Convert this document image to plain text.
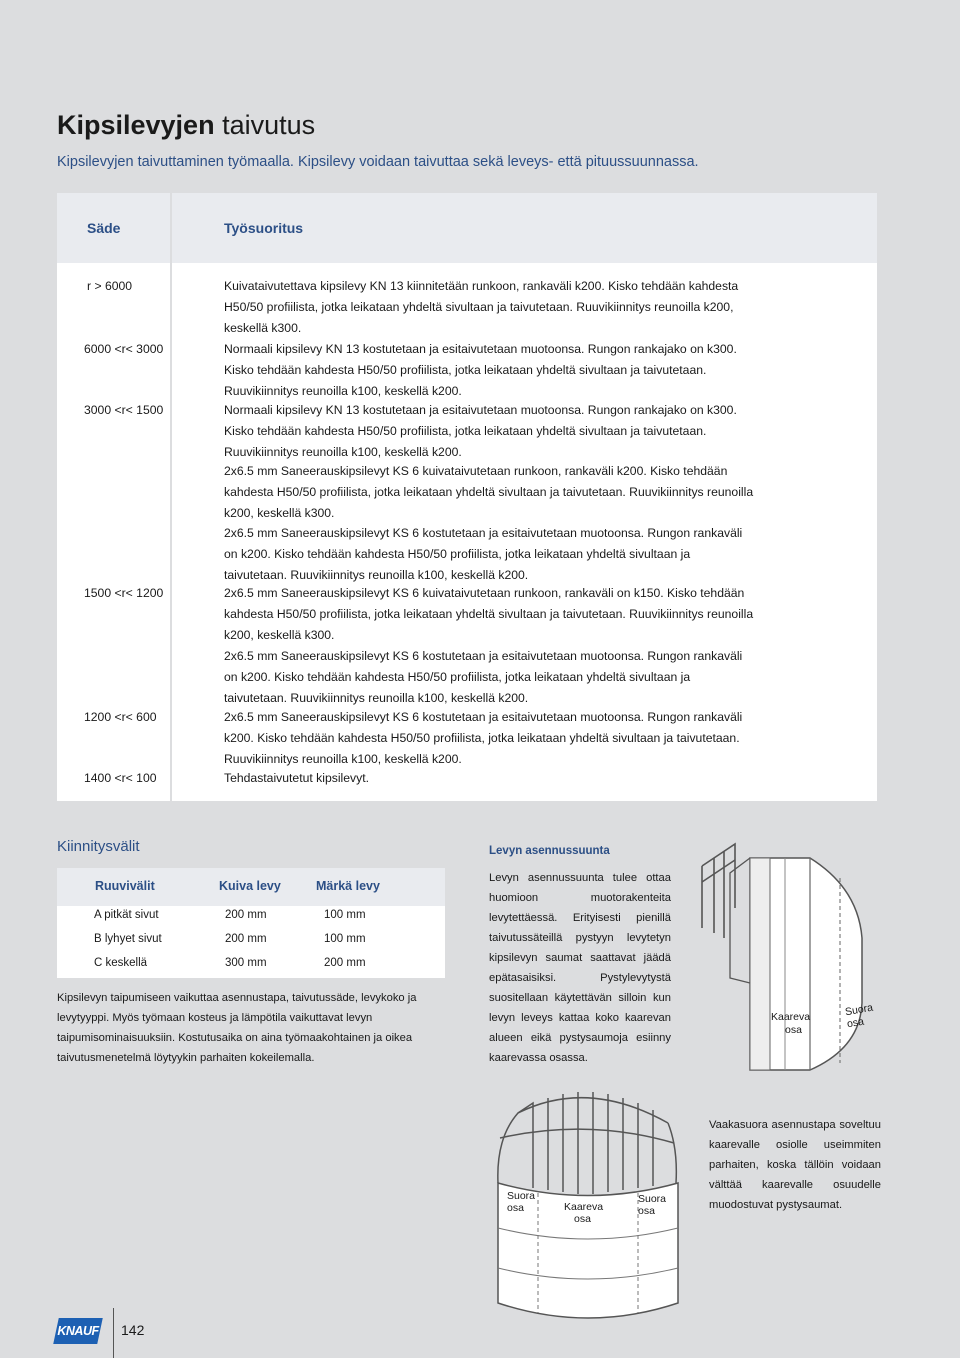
Kipsilevyjen taivutus
Kipsilevyjen taivuttaminen työmaalla. Kipsilevy voidaan taivuttaa sekä leveys- että pituussuunnassa.
Säde	Työsuoritus
r > 6000	Kuivataivutettava kipsilevy KN 13 kiinnitetään runkoon, rankaväli k200. Kisko tehdään kahdesta H50/50 profiilista, jotka leikataan yhdeltä sivultaan ja taivutetaan. Ruuvikiinnitys reunoilla k200, keskellä k300.
6000 <r< 3000	Normaali kipsilevy KN 13 kostutetaan ja esitaivutetaan muotoonsa. Rungon rankajako on k300. Kisko tehdään kahdesta H50/50 profiilista, jotka leikataan yhdeltä sivultaan ja taivutetaan. Ruuvikiinnitys reunoilla k100, keskellä k200.
3000 <r< 1500	Normaali kipsilevy KN 13 kostutetaan ja esitaivutetaan muotoonsa. Rungon rankajako on k300. Kisko tehdään kahdesta H50/50 profiilista, jotka leikataan yhdeltä sivultaan ja taivutetaan. Ruuvikiinnitys reunoilla k100, keskellä k200.
2x6.5 mm Saneerauskipsilevyt KS 6 kuivataivutetaan runkoon, rankaväli k200. Kisko tehdään kahdesta H50/50 profiilista, jotka leikataan yhdeltä sivultaan ja taivutetaan. Ruuvikiinnitys reunoilla k200, keskellä k300.
2x6.5 mm Saneerauskipsilevyt KS 6 kostutetaan ja esitaivutetaan muotoonsa. Rungon rankaväli on k200. Kisko tehdään kahdesta H50/50 profiilista, jotka leikataan yhdeltä sivultaan ja taivutetaan. Ruuvikiinnitys reunoilla k100, keskellä k200.
1500 <r< 1200	2x6.5 mm Saneerauskipsilevyt KS 6 kuivataivutetaan runkoon, rankaväli on k150. Kisko tehdään kahdesta H50/50 profiilista, jotka leikataan yhdeltä sivultaan ja taivutetaan. Ruuvikiinnitys reunoilla k200, keskellä k300.
2x6.5 mm Saneerauskipsilevyt KS 6 kostutetaan ja esitaivutetaan muotoonsa. Rungon rankaväli on k200. Kisko tehdään kahdesta H50/50 profiilista, jotka leikataan yhdeltä sivultaan ja taivutetaan. Ruuvikiinnitys reunoilla k100, keskellä k200.
1200 <r< 600	2x6.5 mm Saneerauskipsilevyt KS 6 kostutetaan ja esitaivutetaan muotoonsa. Rungon rankaväli k200. Kisko tehdään kahdesta H50/50 profiilista, jotka leikataan yhdeltä sivultaan ja taivutetaan. Ruuvikiinnitys reunoilla k100, keskellä k200.
1400 <r< 100	Tehdastaivutetut kipsilevyt.
Kiinnitysvälit
Ruuvivälit	Kuiva levy	Märkä levy
A pitkät sivut	200 mm	100 mm
B lyhyet sivut	200 mm	100 mm
C keskellä	300 mm	200 mm
Kipsilevyn taipumiseen vaikuttaa asennustapa, taivutussäde, levykoko ja levytyyppi. Myös työmaan kosteus ja lämpötila vaikuttavat levyn taipumisominaisuuksiin. Kostutusaika on aina työmaakohtainen ja oikea taivutusmenetelmä löytyykin parhaiten kokeilemalla.
Levyn asennussuunta
Levyn asennussuunta tulee ottaa huomioon muotorakenteita levytettäessä. Erityisesti pienillä taivutussäteillä pystyyn levytetyn kipsilevyn saumat saattavat jäädä epätasaisiksi. Pystylevytystä suositellaan käytettävän silloin kun levyn leveys kattaa koko kaarevan alueen eikä pystysaumoja esiinny kaarevassa osassa.
Kaareva
osa
Suora
osa
Suora
osa	Kaareva
osa
Suora
osa
Vaakasuora asennustapa soveltuu kaarevalle osiolle useimmiten parhaiten, koska tällöin voidaan välttää kaarevalle osuudelle muodostuvat pystysaumat.
KNAUF 142
